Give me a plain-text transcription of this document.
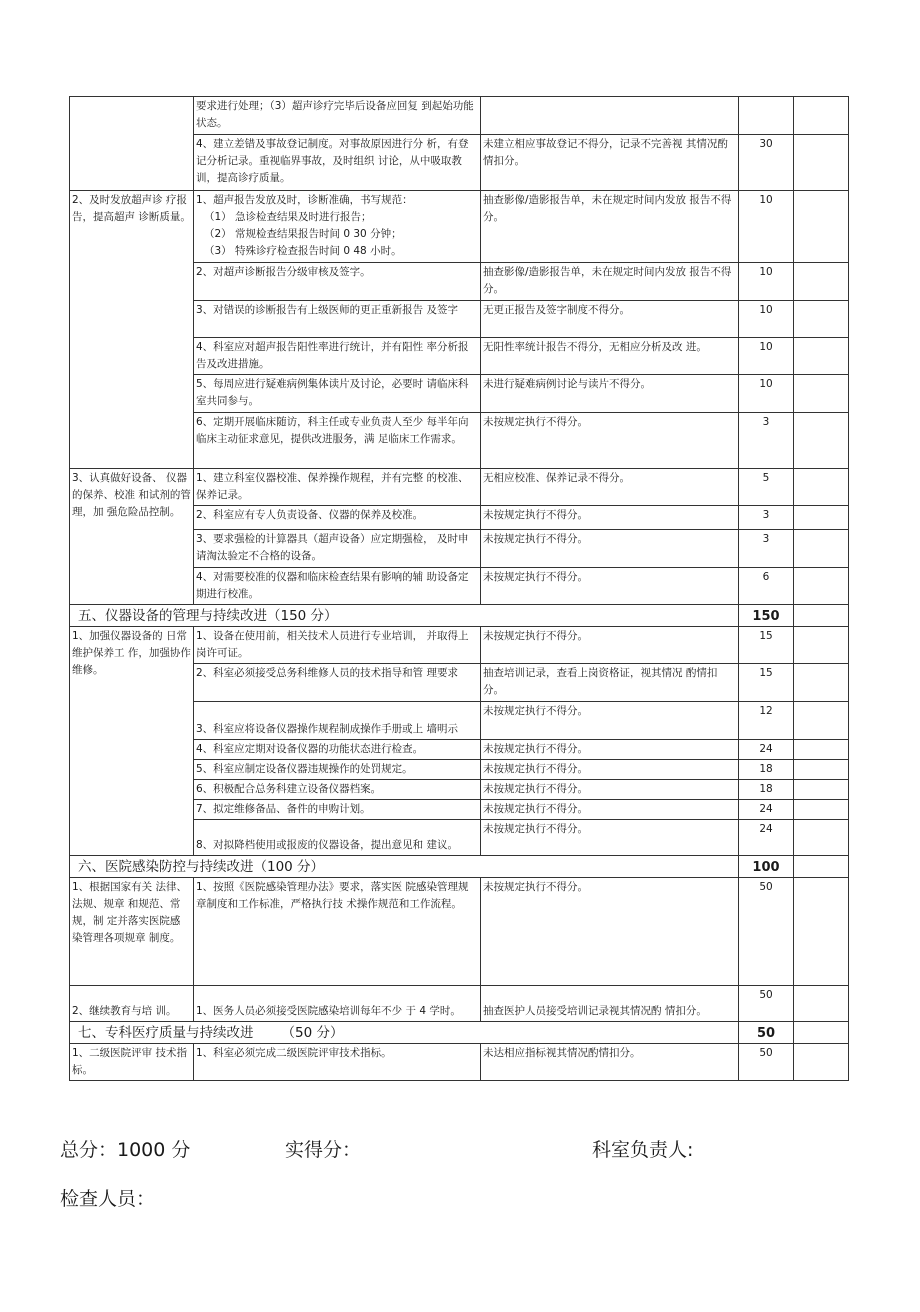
	要求进行处理；（3）超声诊疗完毕后设备应回复 到起始功能状态。			
	4、建立差错及事故登记制度。对事故原因进行分 析，有登记分析记录。重视临界事故，及时组织 讨论，从中吸取教训，提高诊疗质量。	未建立相应事故登记不得分，记录不完善视 其情况酌情扣分。	30	
2、及时发放超声诊 疗报告，提高超声 诊断质量。	1、超声报告发放及时，诊断准确，书写规范：
（1） 急诊检查结果及时进行报告；
（2） 常规检查结果报告时间 0 30 分钟；
（3） 特殊诊疗检查报告时间 0 48 小时。	抽查影像/造影报告单，未在规定时间内发放 报告不得分。	10	
	2、对超声诊断报告分级审核及签字。	抽查影像/造影报告单，未在规定时间内发放 报告不得分。	10	
	3、对错误的诊断报告有上级医师的更正重新报告 及签字	无更正报告及签字制度不得分。	10	
	4、科室应对超声报告阳性率进行统计，并有阳性 率分析报告及改进措施。	无阳性率统计报告不得分，无相应分析及改 进。	10	
	5、每周应进行疑难病例集体读片及讨论，必要时 请临床科室共同参与。	未进行疑难病例讨论与读片不得分。	10	
	6、定期开展临床随访，科主任或专业负责人至少 每半年向临床主动征求意见，提供改进服务，满 足临床工作需求。	未按规定执行不得分。	3	
3、认真做好设备、 仪器的保养、校准 和试剂的管理，加 强危险品控制。	1、建立科室仪器校准、保养操作规程，并有完整 的校准、保养记录。	无相应校准、保养记录不得分。	5	
	2、科室应有专人负责设备、仪器的保养及校准。	未按规定执行不得分。	3	
	3、要求强检的计算器具（超声设备）应定期强检， 及时申请淘汰验定不合格的设备。	未按规定执行不得分。	3	
	4、对需要校准的仪器和临床检查结果有影响的辅 助设备定期进行校准。	未按规定执行不得分。	6	
五、仪器设备的管理与持续改进（150 分）			150	
1、加强仪器设备的 日常维护保养工 作，加强协作维修。	1、设备在使用前，相关技术人员进行专业培训， 并取得上岗许可证。	未按规定执行不得分。	15	
	2、科室必须接受总务科维修人员的技术指导和管 理要求	抽查培训记录，查看上岗资格证，视其情况 酌情扣分。	15	
	3、科室应将设备仪器操作规程制成操作手册或上 墙明示	未按规定执行不得分。	12	
	4、科室应定期对设备仪器的功能状态进行检查。	未按规定执行不得分。	24	
	5、科室应制定设备仪器违规操作的处罚规定。	未按规定执行不得分。	18	
	6、积极配合总务科建立设备仪器档案。	未按规定执行不得分。	18	
	7、拟定维修备品、备件的申购计划。	未按规定执行不得分。	24	
	8、对拟降档使用或报废的仪器设备，提出意见和 建议。	未按规定执行不得分。	24	
六、医院感染防控与持续改进（100 分）			100	
1、根据国家有关 法律、法规、规章 和规范、常规，制 定并落实医院感 染管理各项规章 制度。	1、按照《医院感染管理办法》要求，落实医 院感染管理规章制度和工作标准，严格执行技 术操作规范和工作流程。	未按规定执行不得分。	50	
2、继续教育与培 训。	1、医务人员必须接受医院感染培训每年不少 于 4 学时。	抽查医护人员接受培训记录视其情况酌 情扣分。	50	
七、专科医疗质量与持续改进 （50 分）			50	
1、二级医院评审 技术指标。	1、科室必须完成二级医院评审技术指标。	未达相应指标视其情况酌情扣分。	50	
总分：1000 分	实得分：	科室负责人:
检查人员：
